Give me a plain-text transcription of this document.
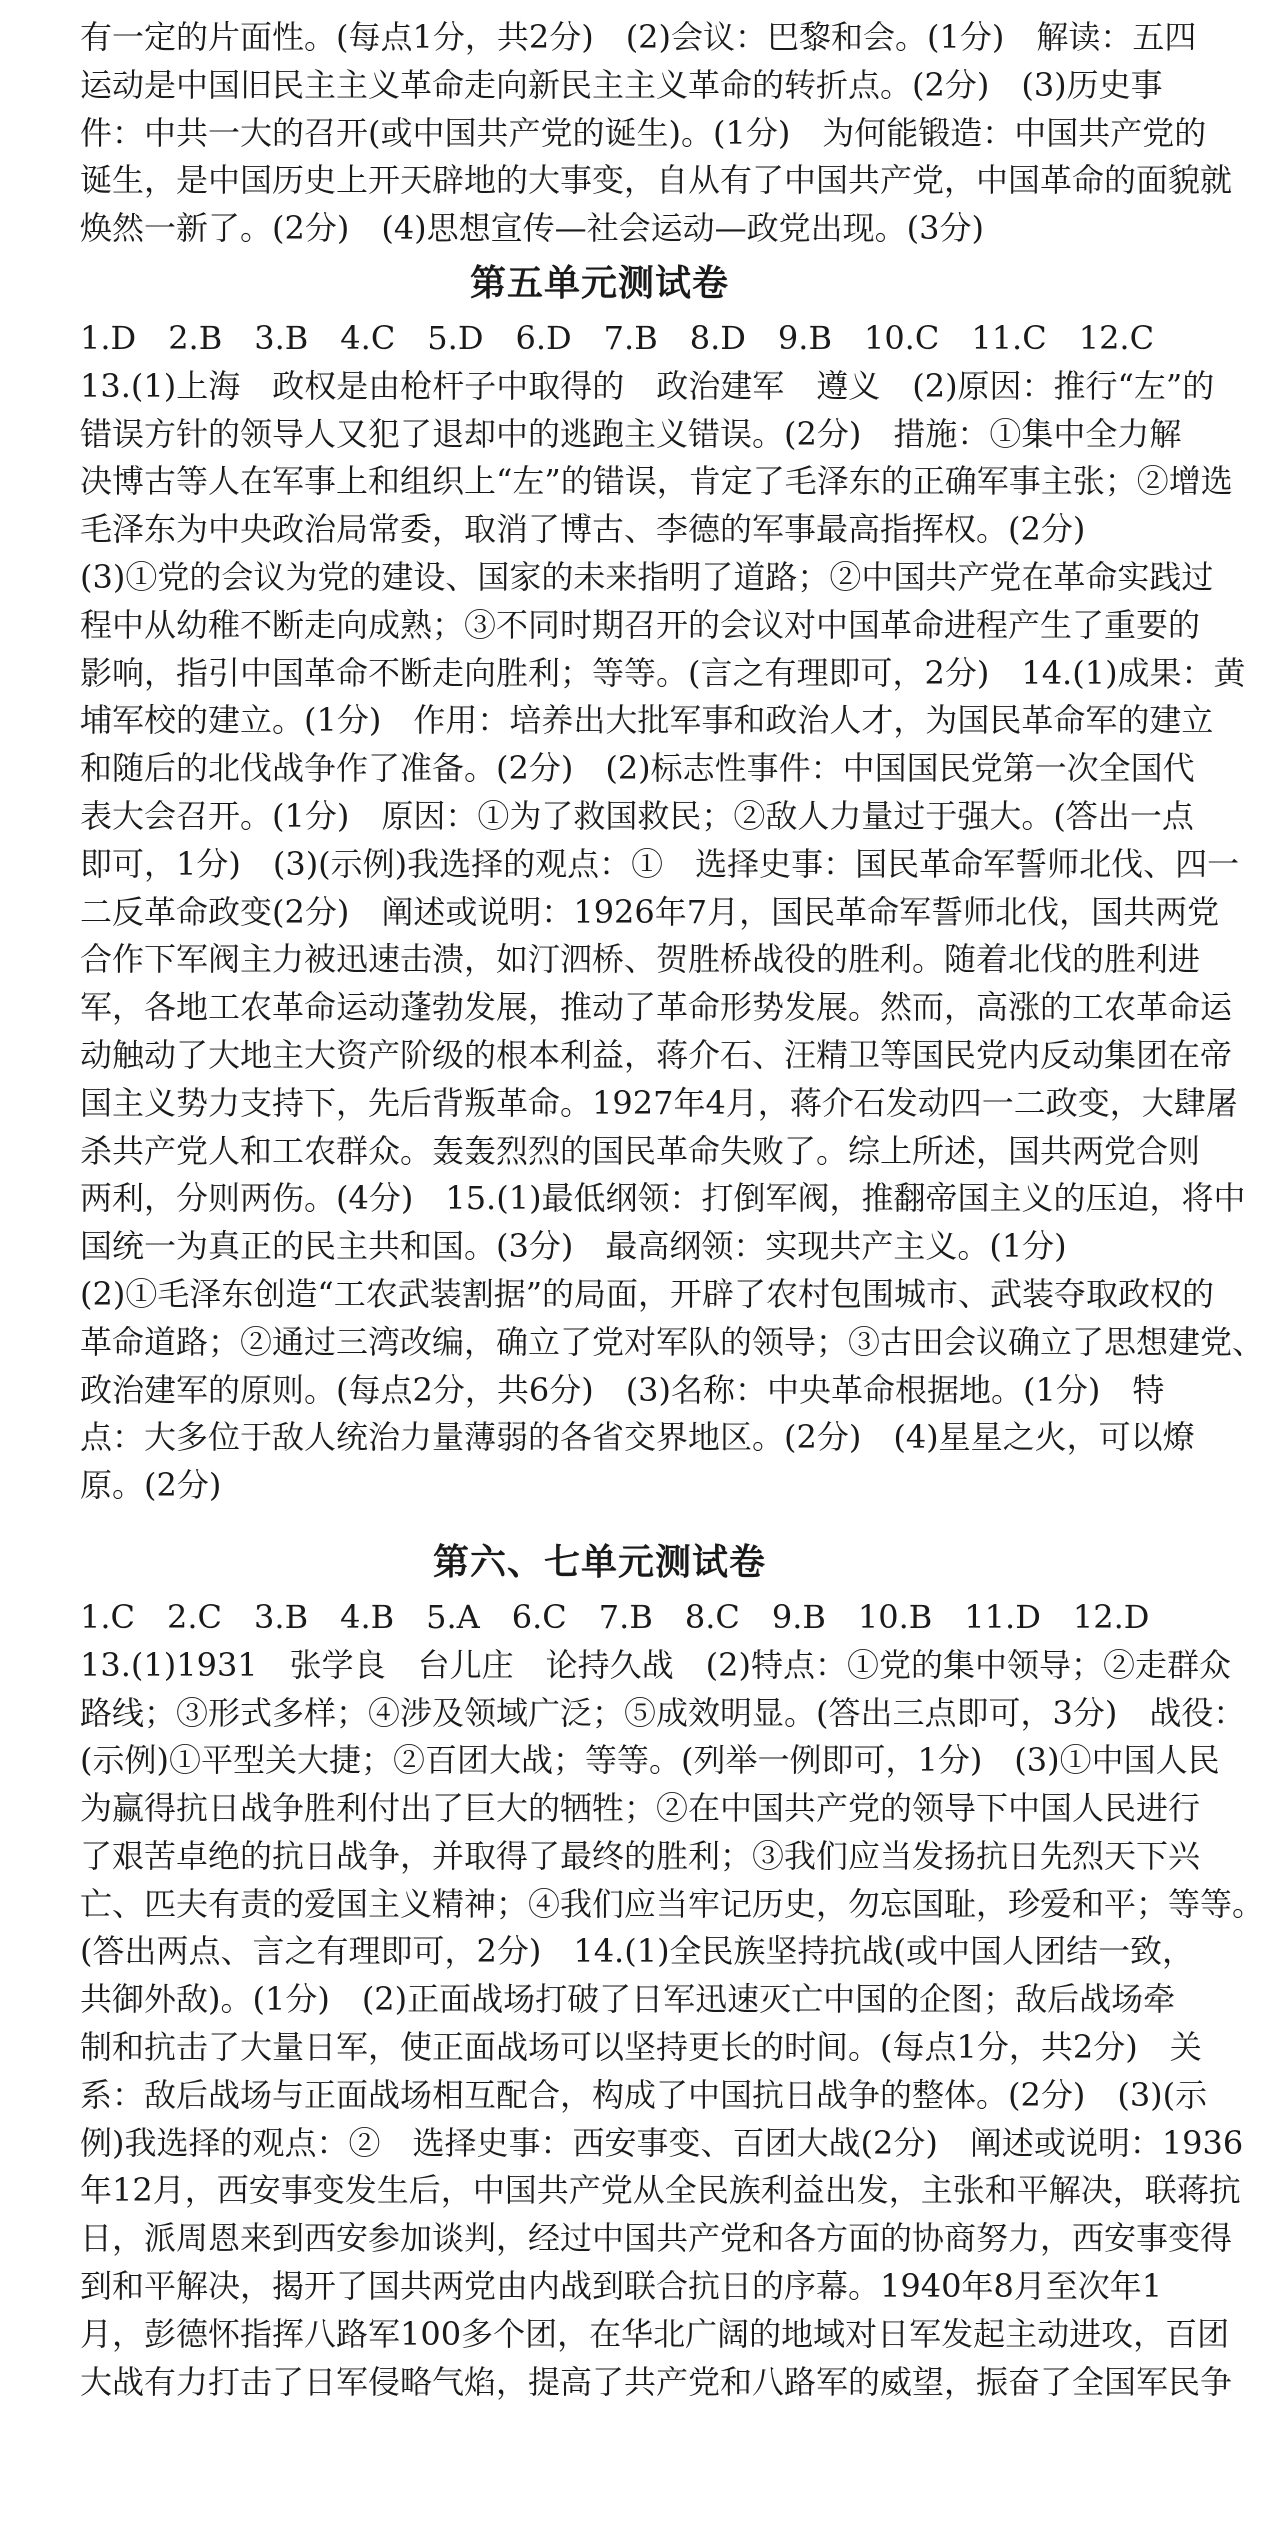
有一定的片面性。(每点1分，共2分)　(2)会议：巴黎和会。(1分)　解读：五四
运动是中国旧民主主义革命走向新民主主义革命的转折点。(2分)　(3)历史事
件：中共一大的召开(或中国共产党的诞生)。(1分)　为何能锻造：中国共产党的
诞生，是中国历史上开天辟地的大事变，自从有了中国共产党，中国革命的面貌就
焕然一新了。(2分)　(4)思想宣传—社会运动—政党出现。(3分)
第五单元测试卷
1.D　2.B　3.B　4.C　5.D　6.D　7.B　8.D　9.B　10.C　11.C　12.C
13.(1)上海　政权是由枪杆子中取得的　政治建军　遵义　(2)原因：推行“左”的
错误方针的领导人又犯了退却中的逃跑主义错误。(2分)　措施：①集中全力解
决博古等人在军事上和组织上“左”的错误，肯定了毛泽东的正确军事主张；②增选
毛泽东为中央政治局常委，取消了博古、李德的军事最高指挥权。(2分)
(3)①党的会议为党的建设、国家的未来指明了道路；②中国共产党在革命实践过
程中从幼稚不断走向成熟；③不同时期召开的会议对中国革命进程产生了重要的
影响，指引中国革命不断走向胜利；等等。(言之有理即可，2分)　14.(1)成果：黄
埔军校的建立。(1分)　作用：培养出大批军事和政治人才，为国民革命军的建立
和随后的北伐战争作了准备。(2分)　(2)标志性事件：中国国民党第一次全国代
表大会召开。(1分)　原因：①为了救国救民；②敌人力量过于强大。(答出一点
即可，1分)　(3)(示例)我选择的观点：①　选择史事：国民革命军誓师北伐、四一
二反革命政变(2分)　阐述或说明：1926年7月，国民革命军誓师北伐，国共两党
合作下军阀主力被迅速击溃，如汀泗桥、贺胜桥战役的胜利。随着北伐的胜利进
军，各地工农革命运动蓬勃发展，推动了革命形势发展。然而，高涨的工农革命运
动触动了大地主大资产阶级的根本利益，蒋介石、汪精卫等国民党内反动集团在帝
国主义势力支持下，先后背叛革命。1927年4月，蒋介石发动四一二政变，大肆屠
杀共产党人和工农群众。轰轰烈烈的国民革命失败了。综上所述，国共两党合则
两利，分则两伤。(4分)　15.(1)最低纲领：打倒军阀，推翻帝国主义的压迫，将中
国统一为真正的民主共和国。(3分)　最高纲领：实现共产主义。(1分)
(2)①毛泽东创造“工农武装割据”的局面，开辟了农村包围城市、武装夺取政权的
革命道路；②通过三湾改编，确立了党对军队的领导；③古田会议确立了思想建党、
政治建军的原则。(每点2分，共6分)　(3)名称：中央革命根据地。(1分)　特
点：大多位于敌人统治力量薄弱的各省交界地区。(2分)　(4)星星之火，可以燎
原。(2分)
第六、七单元测试卷
1.C　2.C　3.B　4.B　5.A　6.C　7.B　8.C　9.B　10.B　11.D　12.D
13.(1)1931　张学良　台儿庄　论持久战　(2)特点：①党的集中领导；②走群众
路线；③形式多样；④涉及领域广泛；⑤成效明显。(答出三点即可，3分)　战役：
(示例)①平型关大捷；②百团大战；等等。(列举一例即可，1分)　(3)①中国人民
为赢得抗日战争胜利付出了巨大的牺牲；②在中国共产党的领导下中国人民进行
了艰苦卓绝的抗日战争，并取得了最终的胜利；③我们应当发扬抗日先烈天下兴
亡、匹夫有责的爱国主义精神；④我们应当牢记历史，勿忘国耻，珍爱和平；等等。
(答出两点、言之有理即可，2分)　14.(1)全民族坚持抗战(或中国人团结一致，
共御外敌)。(1分)　(2)正面战场打破了日军迅速灭亡中国的企图；敌后战场牵
制和抗击了大量日军，使正面战场可以坚持更长的时间。(每点1分，共2分)　关
系：敌后战场与正面战场相互配合，构成了中国抗日战争的整体。(2分)　(3)(示
例)我选择的观点：②　选择史事：西安事变、百团大战(2分)　阐述或说明：1936
年12月，西安事变发生后，中国共产党从全民族利益出发，主张和平解决，联蒋抗
日，派周恩来到西安参加谈判，经过中国共产党和各方面的协商努力，西安事变得
到和平解决，揭开了国共两党由内战到联合抗日的序幕。1940年8月至次年1
月，彭德怀指挥八路军100多个团，在华北广阔的地域对日军发起主动进攻，百团
大战有力打击了日军侵略气焰，提高了共产党和八路军的威望，振奋了全国军民争
